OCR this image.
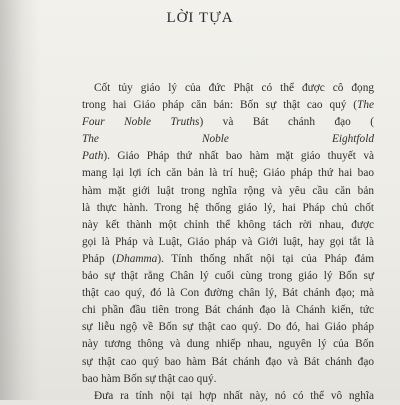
LỜI TỰA
Cốt tủy giáo lý của đức Phật có thể được cô đọng
trong hai Giáo pháp căn bản: Bốn sự thật cao quý (The
Four Noble Truths) và Bát chánh đạo (
The Noble Eightfold
Path). Giáo Pháp thứ nhất bao hàm mặt giáo thuyết và
mang lại lợi ích căn bản là trí huệ; Giáo pháp thứ hai bao
hàm mặt giới luật trong nghĩa rộng và yêu cầu căn bản
là thực hành. Trong hệ thống giáo lý, hai Pháp chủ chốt
này kết thành một chỉnh thể không tách rời nhau, được
gọi là Pháp và Luật, Giáo pháp và Giới luật, hay gọi tắt là
Pháp (Dhamma). Tính thống nhất nội tại của Pháp đảm
bảo sự thật rằng Chân lý cuối cùng trong giáo lý Bốn sự
thật cao quý, đó là Con đường chân lý, Bát chánh đạo; mà
chi phần đầu tiên trong Bát chánh đạo là Chánh kiến, tức
sự liễu ngộ về Bốn sự thật cao quý. Do đó, hai Giáo pháp
này tương thông và dung nhiếp nhau, nguyên lý của Bốn
sự thật cao quý bao hàm Bát chánh đạo và Bát chánh đạo
bao hàm Bốn sự thật cao quý.
Đưa ra tính nội tại hợp nhất này, nó có thể vô nghĩa
